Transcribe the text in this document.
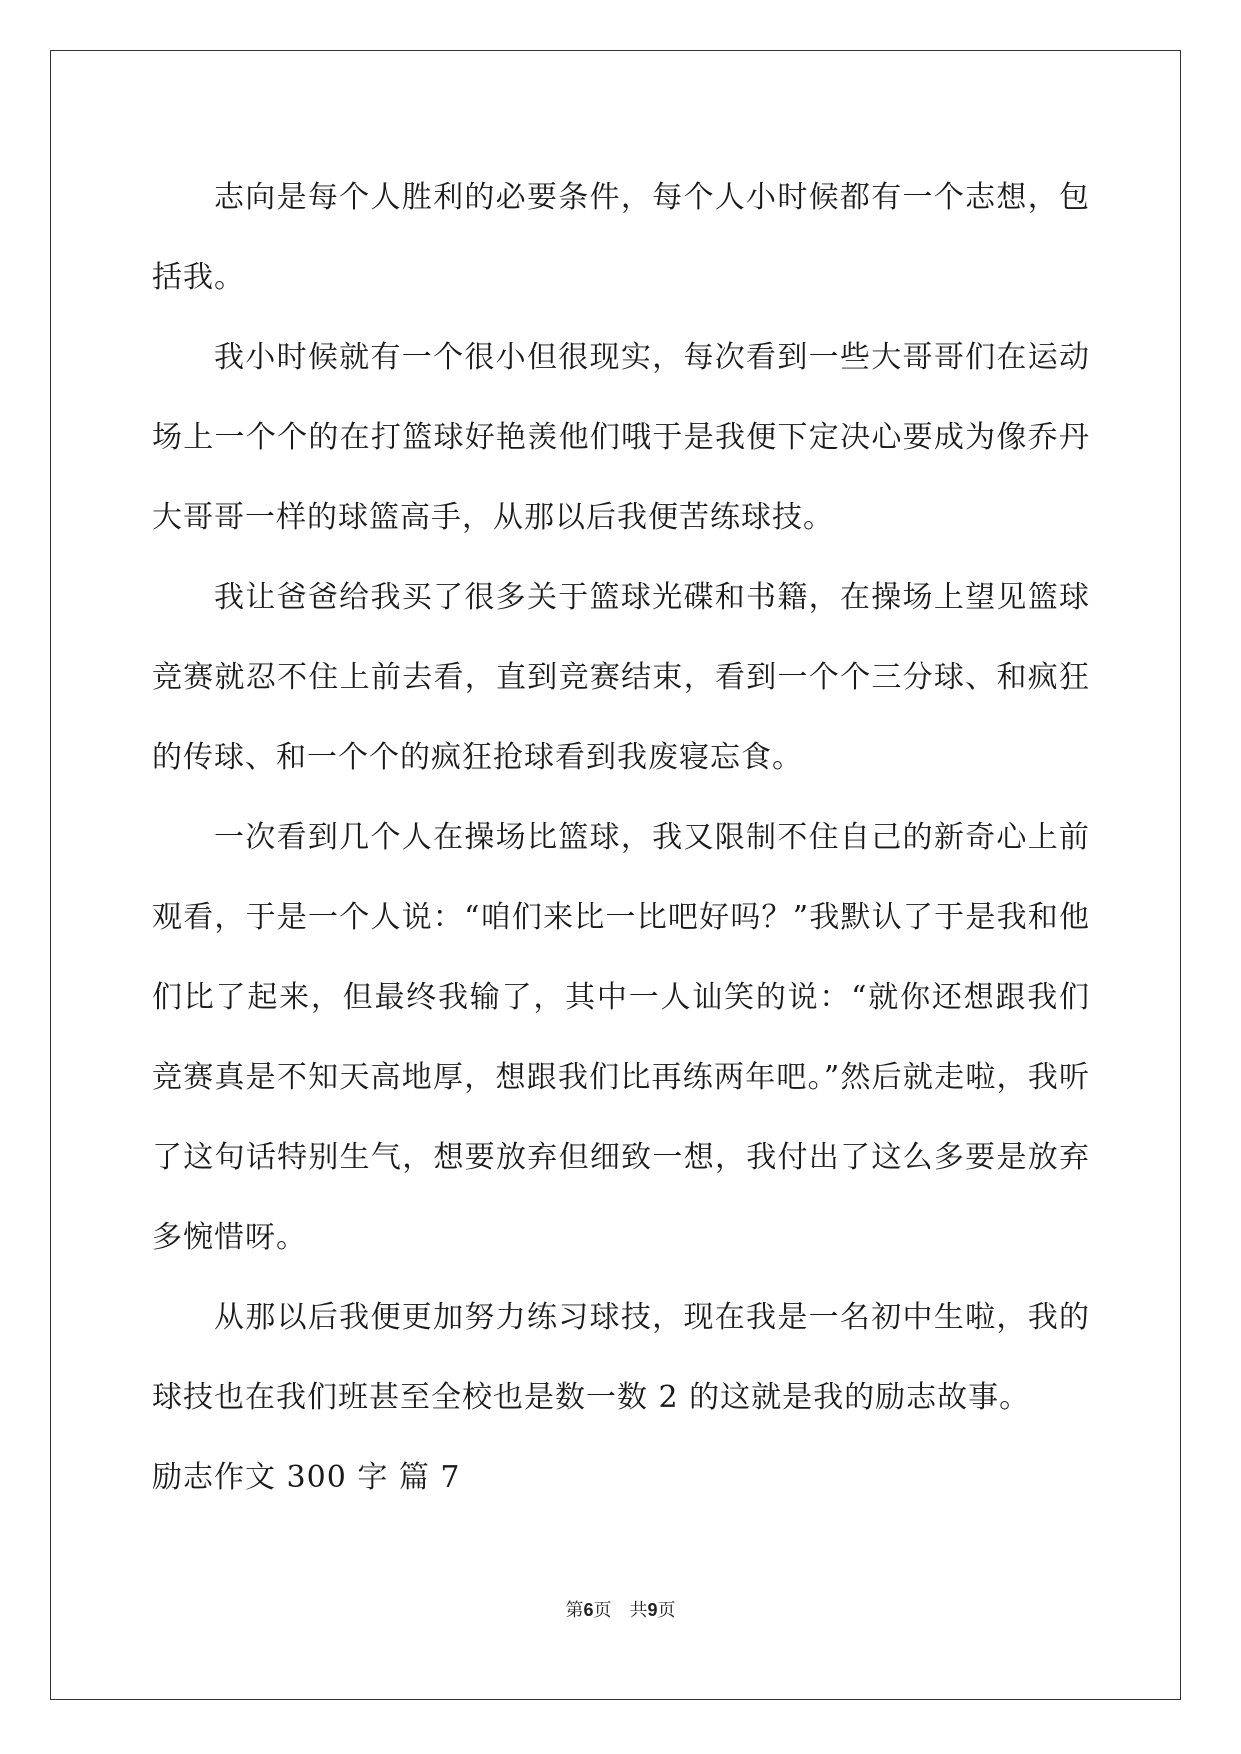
志向是每个人胜利的必要条件，每个人小时候都有一个志想，包括我。

我小时候就有一个很小但很现实，每次看到一些大哥哥们在运动场上一个个的在打篮球好艳羡他们哦于是我便下定决心要成为像乔丹大哥哥一样的球篮高手，从那以后我便苦练球技。

我让爸爸给我买了很多关于篮球光碟和书籍，在操场上望见篮球竞赛就忍不住上前去看，直到竞赛结束，看到一个个三分球、和疯狂的传球、和一个个的疯狂抢球看到我废寝忘食。

一次看到几个人在操场比篮球，我又限制不住自己的新奇心上前观看，于是一个人说：“咱们来比一比吧好吗？”我默认了于是我和他们比了起来，但最终我输了，其中一人讪笑的说：“就你还想跟我们竞赛真是不知天高地厚，想跟我们比再练两年吧。”然后就走啦，我听了这句话特别生气，想要放弃但细致一想，我付出了这么多要是放弃多惋惜呀。

从那以后我便更加努力练习球技，现在我是一名初中生啦，我的球技也在我们班甚至全校也是数一数 2 的这就是我的励志故事。

励志作文 300 字 篇 7

第6页 共9页
